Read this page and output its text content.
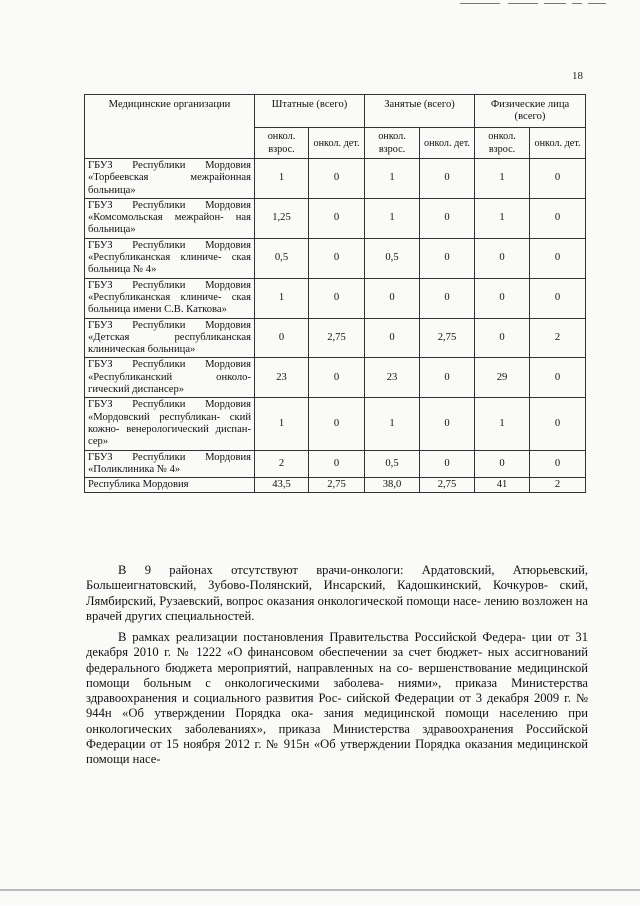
18
Медицинские организации	Штатные (всего)		Занятые (всего)		Физические лица (всего)	
	онкол. взрос.	онкол. дет.	онкол. взрос.	онкол. дет.	онкол. взрос.	онкол. дет.
ГБУЗ Республики Мордовия «Торбеевская межрайонная больница»	1	0	1	0	1	0
ГБУЗ Республики Мордовия «Комсомольская межрайон- ная больница»	1,25	0	1	0	1	0
ГБУЗ Республики Мордовия «Республиканская клиниче- ская больница № 4»	0,5	0	0,5	0	0	0
ГБУЗ Республики Мордовия «Республиканская клиниче- ская больница имени С.В. Каткова»	1	0	0	0	0	0
ГБУЗ Республики Мордовия «Детская республиканская клиническая больница»	0	2,75	0	2,75	0	2
ГБУЗ Республики Мордовия «Республиканский онколо- гический диспансер»	23	0	23	0	29	0
ГБУЗ Республики Мордовия «Мордовский республикан- ский кожно- венерологический диспан- сер»	1	0	1	0	1	0
ГБУЗ Республики Мордовия «Поликлиника № 4»	2	0	0,5	0	0	0
Республика Мордовия	43,5	2,75	38,0	2,75	41	2

В 9 районах отсутствуют врачи-онкологи: Ардатовский, Атюрьевский, Большеигнатовский, Зубово-Полянский, Инсарский, Кадошкинский, Кочкуров- ский, Лямбирский, Рузаевский, вопрос оказания онкологической помощи насе- лению возложен на врачей других специальностей.

В рамках реализации постановления Правительства Российской Федера- ции от 31 декабря 2010 г. № 1222 «О финансовом обеспечении за счет бюджет- ных ассигнований федерального бюджета мероприятий, направленных на со- вершенствование медицинской помощи больным с онкологическими заболева- ниями», приказа Министерства здравоохранения и социального развития Рос- сийской Федерации от 3 декабря 2009 г. № 944н «Об утверждении Порядка ока- зания медицинской помощи населению при онкологических заболеваниях», приказа Министерства здравоохранения Российской Федерации от 15 ноября 2012 г. № 915н «Об утверждении Порядка оказания медицинской помощи насе-
